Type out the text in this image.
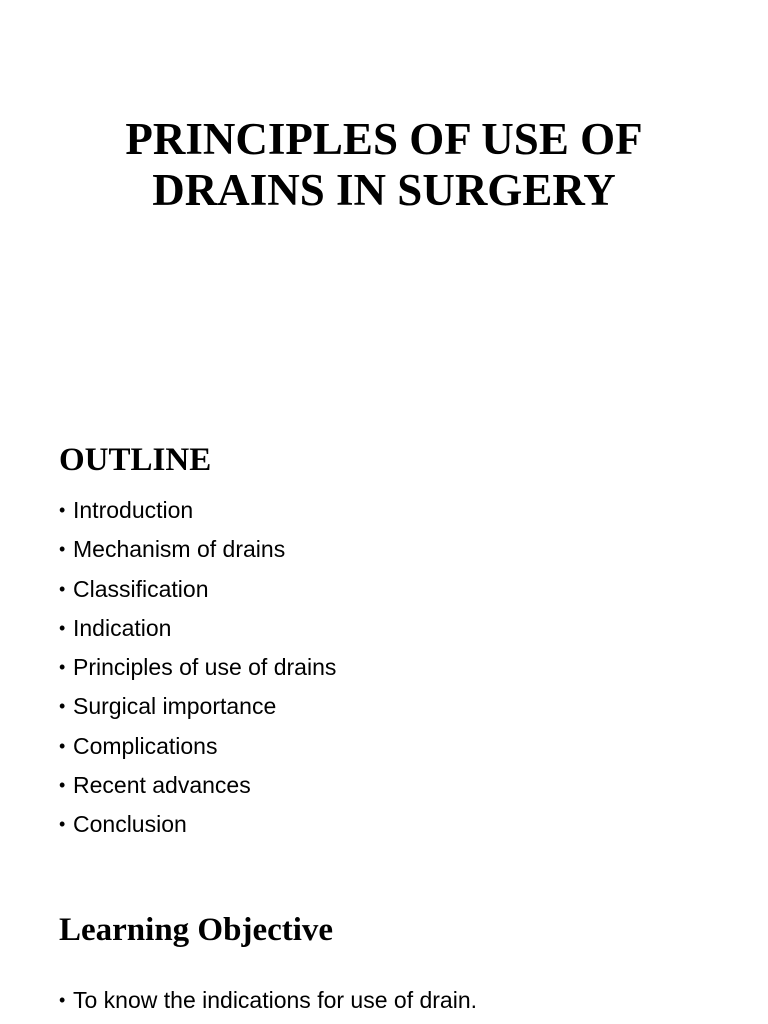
PRINCIPLES OF USE OF
DRAINS IN SURGERY
OUTLINE
• Introduction
• Mechanism of drains
• Classification
• Indication
• Principles of use of drains
• Surgical importance
• Complications
• Recent advances
• Conclusion
Learning Objective
• To know the indications for use of drain.
